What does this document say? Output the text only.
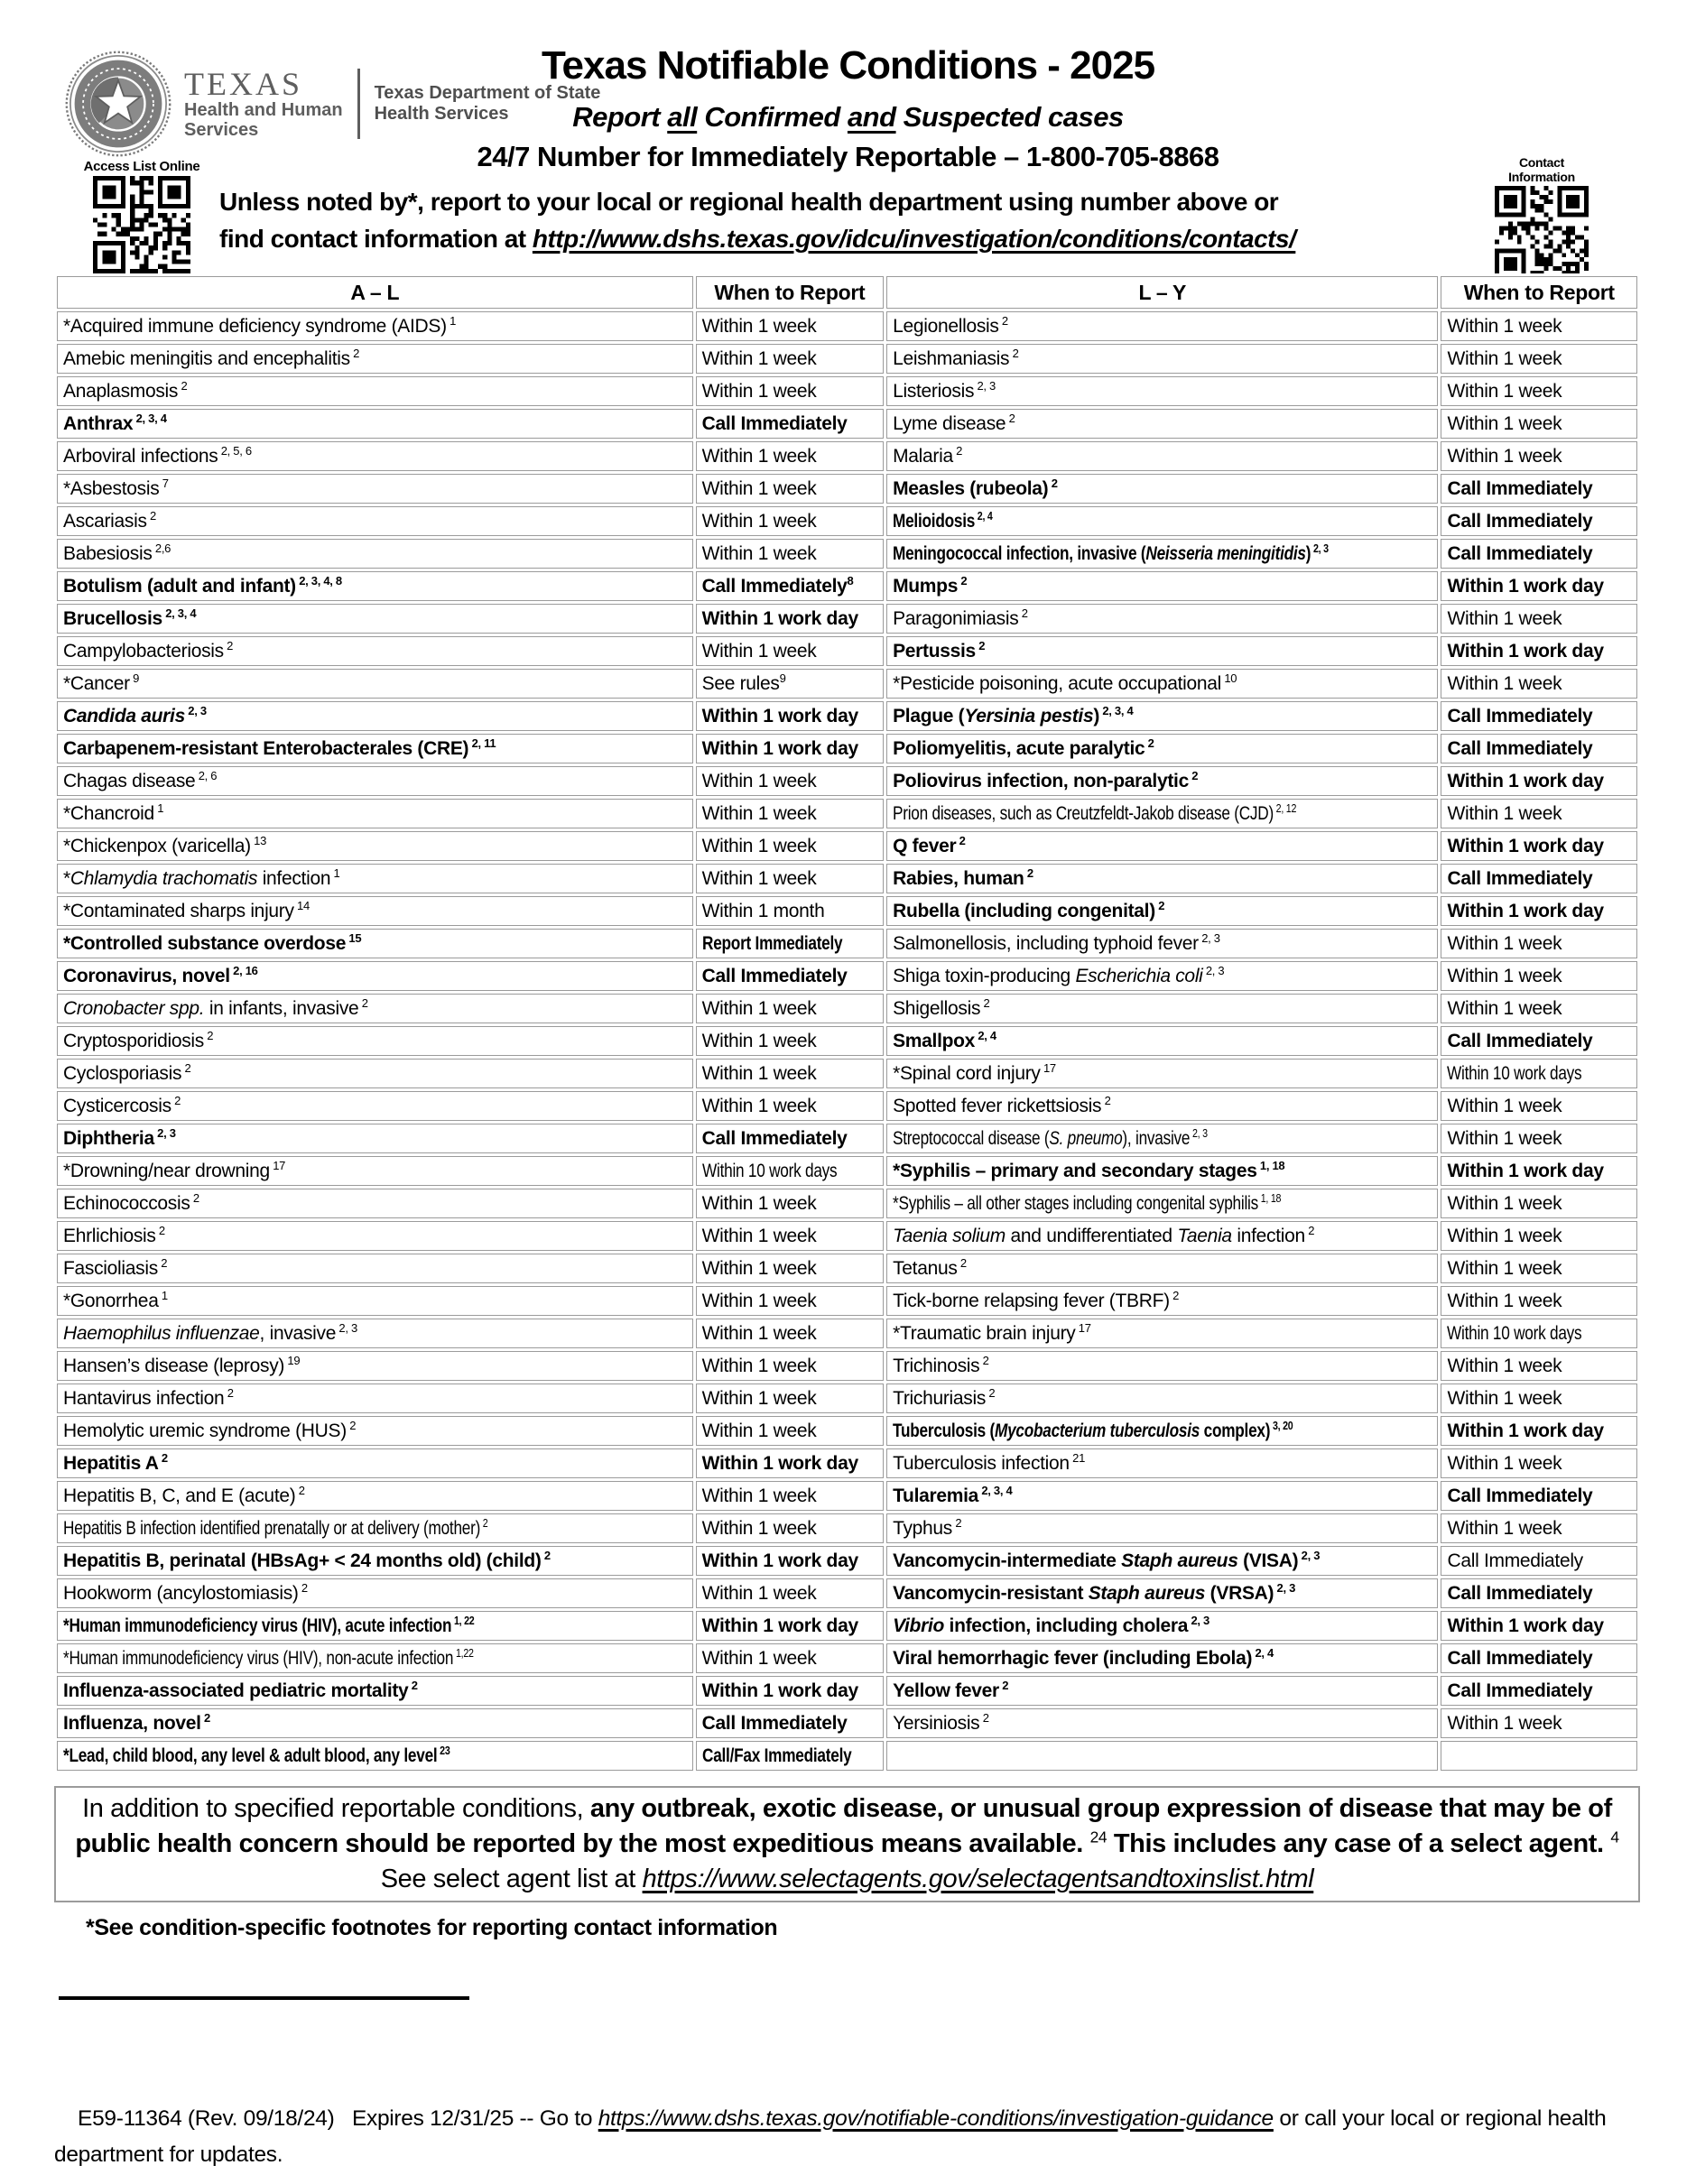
TEXAS
Health and Human
Services
Texas Department of State
Health Services
Texas Notifiable Conditions - 2025
Report all Confirmed and Suspected cases
24/7 Number for Immediately Reportable – 1-800-705-8868
Access List Online	Contact Information
Unless noted by*, report to your local or regional health department using number above or
find contact information at http://www.dshs.texas.gov/idcu/investigation/conditions/contacts/
A – L	When to Report	L – Y	When to Report
*Acquired immune deficiency syndrome (AIDS) $^1$	Within 1 week	Legionellosis $^2$	Within 1 week
Amebic meningitis and encephalitis $^2$	Within 1 week	Leishmaniasis $^2$	Within 1 week
Anaplasmosis $^2$	Within 1 week	Listeriosis $^{2, 3}$	Within 1 week
Anthrax $^{2, 3, 4}$	Call Immediately	Lyme disease $^2$	Within 1 week
Arboviral infections $^{2, 5, 6}$	Within 1 week	Malaria $^2$	Within 1 week
*Asbestosis $^7$	Within 1 week	Measles (rubeola) $^2$	Call Immediately
Ascariasis $^2$	Within 1 week	Melioidosis $^{2, 4}$	Call Immediately
Babesiosis $^{2,6}$	Within 1 week	Meningococcal infection, invasive (Neisseria meningitidis) $^{2, 3}$	Call Immediately
Botulism (adult and infant) $^{2, 3, 4, 8}$	Call Immediately$^8$	Mumps $^2$	Within 1 work day
Brucellosis $^{2, 3, 4}$	Within 1 work day	Paragonimiasis $^2$	Within 1 week
Campylobacteriosis $^2$	Within 1 week	Pertussis $^2$	Within 1 work day
*Cancer $^9$	See rules$^9$	*Pesticide poisoning, acute occupational $^{10}$	Within 1 week
Candida auris $^{2, 3}$	Within 1 work day	Plague (Yersinia pestis) $^{2, 3, 4}$	Call Immediately
Carbapenem-resistant Enterobacterales (CRE) $^{2, 11}$	Within 1 work day	Poliomyelitis, acute paralytic $^2$	Call Immediately
Chagas disease $^{2, 6}$	Within 1 week	Poliovirus infection, non-paralytic $^2$	Within 1 work day
*Chancroid $^1$	Within 1 week	Prion diseases, such as Creutzfeldt-Jakob disease (CJD) $^{2, 12}$	Within 1 week
*Chickenpox (varicella) $^{13}$	Within 1 week	Q fever $^2$	Within 1 work day
*Chlamydia trachomatis infection $^1$	Within 1 week	Rabies, human $^2$	Call Immediately
*Contaminated sharps injury $^{14}$	Within 1 month	Rubella (including congenital) $^2$	Within 1 work day
*Controlled substance overdose $^{15}$	Report Immediately	Salmonellosis, including typhoid fever $^{2, 3}$	Within 1 week
Coronavirus, novel $^{2, 16}$	Call Immediately	Shiga toxin-producing Escherichia coli $^{2, 3}$	Within 1 week
Cronobacter spp. in infants, invasive $^2$	Within 1 week	Shigellosis $^2$	Within 1 week
Cryptosporidiosis $^2$	Within 1 week	Smallpox $^{2, 4}$	Call Immediately
Cyclosporiasis $^2$	Within 1 week	*Spinal cord injury $^{17}$	Within 10 work days
Cysticercosis $^2$	Within 1 week	Spotted fever rickettsiosis $^2$	Within 1 week
Diphtheria $^{2, 3}$	Call Immediately	Streptococcal disease (S. pneumo), invasive $^{2, 3}$	Within 1 week
*Drowning/near drowning $^{17}$	Within 10 work days	*Syphilis – primary and secondary stages $^{1, 18}$	Within 1 work day
Echinococcosis $^2$	Within 1 week	*Syphilis – all other stages including congenital syphilis $^{1, 18}$	Within 1 week
Ehrlichiosis $^2$	Within 1 week	Taenia solium and undifferentiated Taenia infection $^2$	Within 1 week
Fascioliasis $^2$	Within 1 week	Tetanus $^2$	Within 1 week
*Gonorrhea $^1$	Within 1 week	Tick-borne relapsing fever (TBRF) $^2$	Within 1 week
Haemophilus influenzae, invasive $^{2, 3}$	Within 1 week	*Traumatic brain injury $^{17}$	Within 10 work days
Hansen’s disease (leprosy) $^{19}$	Within 1 week	Trichinosis $^2$	Within 1 week
Hantavirus infection $^2$	Within 1 week	Trichuriasis $^2$	Within 1 week
Hemolytic uremic syndrome (HUS) $^2$	Within 1 week	Tuberculosis (Mycobacterium tuberculosis complex) $^{3, 20}$	Within 1 work day
Hepatitis A $^2$	Within 1 work day	Tuberculosis infection $^{21}$	Within 1 week
Hepatitis B, C, and E (acute) $^2$	Within 1 week	Tularemia $^{2, 3, 4}$	Call Immediately
Hepatitis B infection identified prenatally or at delivery (mother) $^2$	Within 1 week	Typhus $^2$	Within 1 week
Hepatitis B, perinatal (HBsAg+ < 24 months old) (child) $^2$	Within 1 work day	Vancomycin-intermediate Staph aureus (VISA) $^{2, 3}$	Call Immediately
Hookworm (ancylostomiasis) $^2$	Within 1 week	Vancomycin-resistant Staph aureus (VRSA) $^{2, 3}$	Call Immediately
*Human immunodeficiency virus (HIV), acute infection $^{1, 22}$	Within 1 work day	Vibrio infection, including cholera $^{2, 3}$	Within 1 work day
*Human immunodeficiency virus (HIV), non-acute infection $^{1,22}$	Within 1 week	Viral hemorrhagic fever (including Ebola) $^{2, 4}$	Call Immediately
Influenza-associated pediatric mortality $^2$	Within 1 work day	Yellow fever $^2$	Call Immediately
Influenza, novel $^2$	Call Immediately	Yersiniosis $^2$	Within 1 week
*Lead, child blood, any level & adult blood, any level $^{23}$	Call/Fax Immediately		
In addition to specified reportable conditions, any outbreak, exotic disease, or unusual group expression of disease that may be of
public health concern should be reported by the most expeditious means available. $^{24}$ This includes any case of a select agent. $^4$
See select agent list at https://www.selectagents.gov/selectagentsandtoxinslist.html
*See condition-specific footnotes for reporting contact information

E59-11364 (Rev. 09/18/24)   Expires 12/31/25 -- Go to https://www.dshs.texas.gov/notifiable-conditions/investigation-guidance or call your local or regional health department for updates.
